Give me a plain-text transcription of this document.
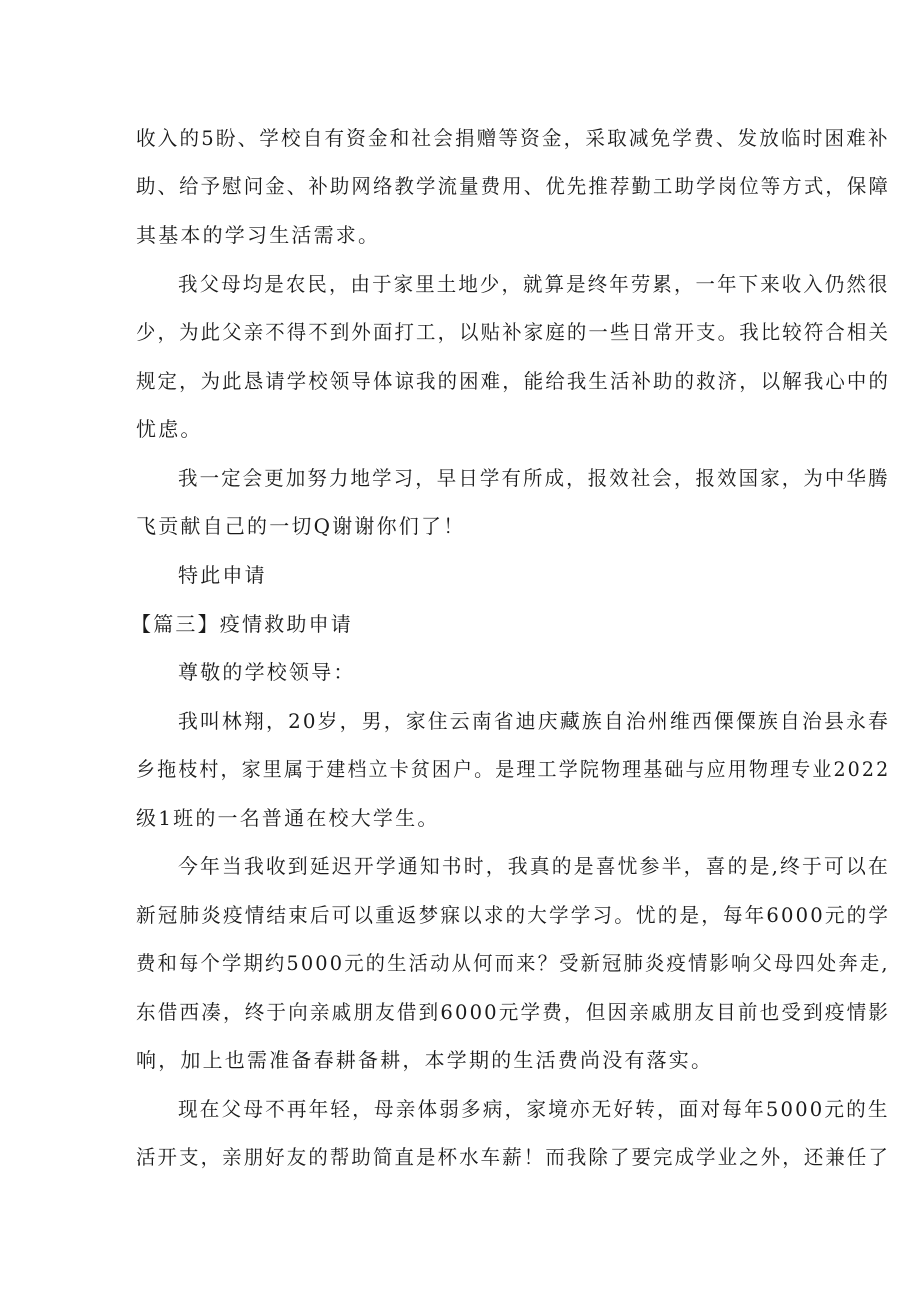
收入的5盼、学校自有资金和社会捐赠等资金，采取减免学费、发放临时困难补
助、给予慰问金、补助网络教学流量费用、优先推荐勤工助学岗位等方式，保障
其基本的学习生活需求。
我父母均是农民，由于家里土地少，就算是终年劳累，一年下来收入仍然很
少，为此父亲不得不到外面打工，以贴补家庭的一些日常开支。我比较符合相关
规定，为此恳请学校领导体谅我的困难，能给我生活补助的救济，以解我心中的
忧虑。
我一定会更加努力地学习，早日学有所成，报效社会，报效国家，为中华腾
飞贡献自己的一切Q谢谢你们了！
特此申请
【篇三】疫情救助申请
尊敬的学校领导：
我叫林翔，20岁，男，家住云南省迪庆藏族自治州维西傈僳族自治县永春
乡拖枝村，家里属于建档立卡贫困户。是理工学院物理基础与应用物理专业2022
级1班的一名普通在校大学生。
今年当我收到延迟开学通知书时，我真的是喜忧参半，喜的是,终于可以在
新冠肺炎疫情结束后可以重返梦寐以求的大学学习。忧的是，每年6000元的学
费和每个学期约5000元的生活动从何而来？受新冠肺炎疫情影响父母四处奔走,
东借西凑，终于向亲戚朋友借到6000元学费，但因亲戚朋友目前也受到疫情影
响，加上也需准备春耕备耕，本学期的生活费尚没有落实。
现在父母不再年轻，母亲体弱多病，家境亦无好转，面对每年5000元的生
活开支，亲朋好友的帮助简直是杯水车薪！而我除了要完成学业之外，还兼任了
